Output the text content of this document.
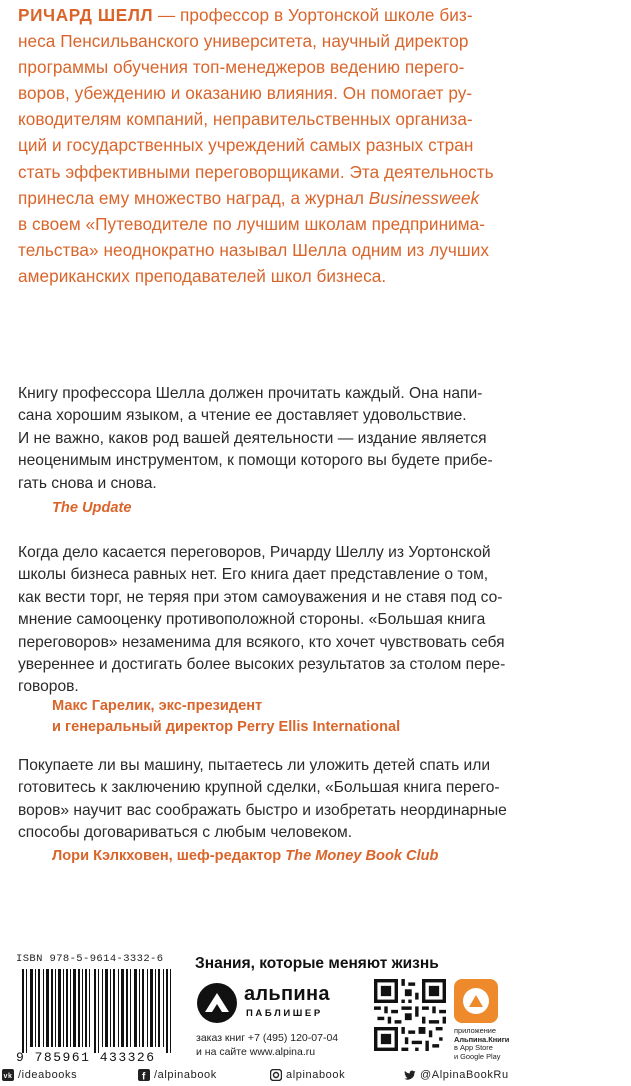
РИЧАРД ШЕЛЛ — профессор в Уортонской школе биз-
неса Пенсильванского университета, научный директор
программы обучения топ-менеджеров ведению перего-
воров, убеждению и оказанию влияния. Он помогает ру-
ководителям компаний, неправительственных организа-
ций и государственных учреждений самых разных стран
стать эффективными переговорщиками. Эта деятельность
принесла ему множество наград, а журнал Businessweek
в своем «Путеводителе по лучшим школам предпринима-
тельства» неоднократно называл Шелла одним из лучших
американских преподавателей школ бизнеса.
Книгу профессора Шелла должен прочитать каждый. Она напи-
сана хорошим языком, а чтение ее доставляет удовольствие.
И не важно, каков род вашей деятельности — издание является
неоценимым инструментом, к помощи которого вы будете прибе-
гать снова и снова.
The Update
Когда дело касается переговоров, Ричарду Шеллу из Уортонской
школы бизнеса равных нет. Его книга дает представление о том,
как вести торг, не теряя при этом самоуважения и не ставя под со-
мнение самооценку противоположной стороны. «Большая книга
переговоров» незаменима для всякого, кто хочет чувствовать себя
увереннее и достигать более высоких результатов за столом пере-
говоров.
Макс Гарелик, экс-президент
и генеральный директор Perry Ellis International
Покупаете ли вы машину, пытаетесь ли уложить детей спать или
готовитесь к заключению крупной сделки, «Большая книга перего-
воров» научит вас соображать быстро и изобретать неординарные
способы договариваться с любым человеком.
Лори Кэлкховен, шеф-редактор The Money Book Club
ISBN 978-5-9614-3332-6
9 785961 433326
Знания, которые меняют жизнь
альпина
ПАБЛИШЕР
заказ книг +7 (495) 120-07-04
и на сайте www.alpina.ru
приложение
Альпина.Книги
в App Store
и Google Play
vk /ideabooks	f /alpinabook	alpinabook	@AlpinaBookRu
